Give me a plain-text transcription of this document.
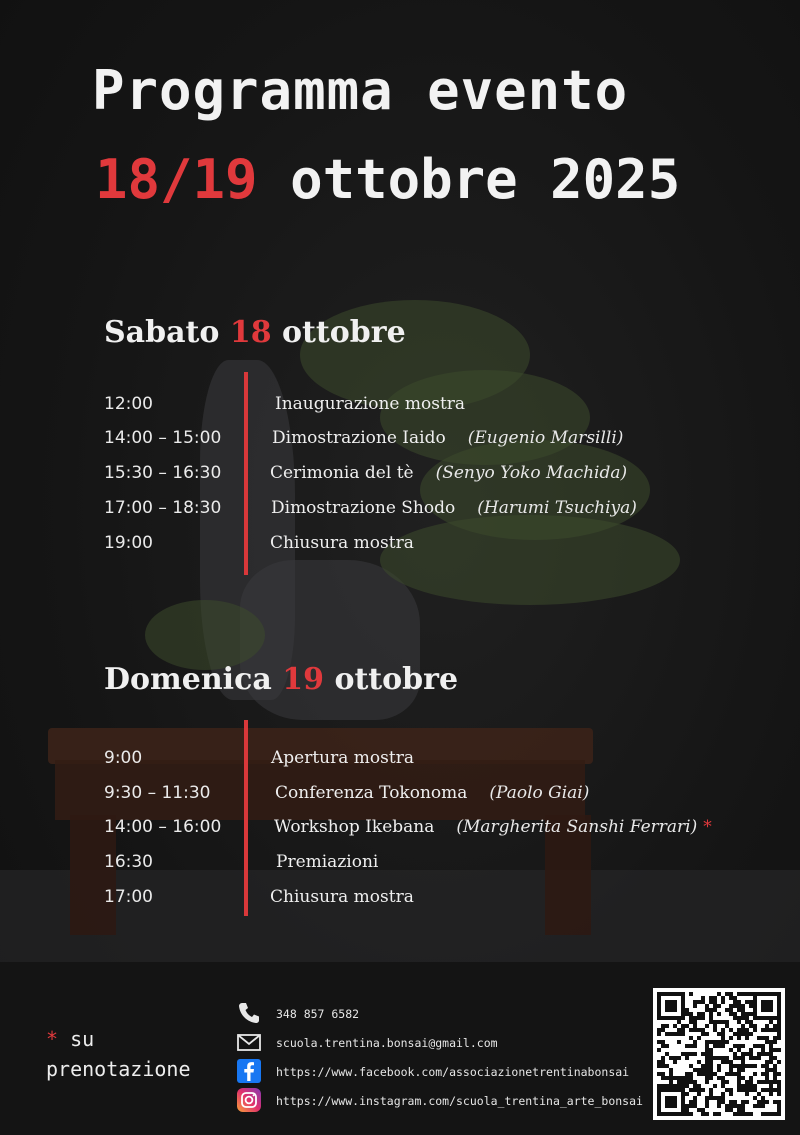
Programma evento
18/19 ottobre 2025
Sabato 18 ottobre
12:00	Inaugurazione mostra
14:00 – 15:00	Dimostrazione Iaido (Eugenio Marsilli)
15:30 – 16:30	Cerimonia del tè (Senyo Yoko Machida)
17:00 – 18:30	Dimostrazione Shodo (Harumi Tsuchiya)
19:00	Chiusura mostra
Domenica 19 ottobre
9:00	Apertura mostra
9:30 – 11:30	Conferenza Tokonoma (Paolo Giai)
14:00 – 16:00	Workshop Ikebana (Margherita Sanshi Ferrari) *
16:30	Premiazioni
17:00	Chiusura mostra
* su
prenotazione
348 857 6582
scuola.trentina.bonsai@gmail.com
https://www.facebook.com/associazionetrentinabonsai
https://www.instagram.com/scuola_trentina_arte_bonsai
